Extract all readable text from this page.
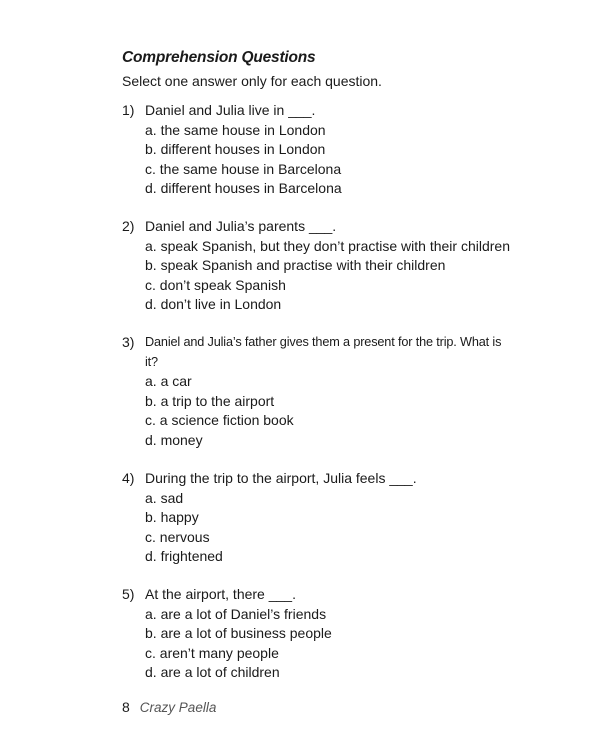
Comprehension Questions
Select one answer only for each question.
1) Daniel and Julia live in ___.
a. the same house in London
b. different houses in London
c. the same house in Barcelona
d. different houses in Barcelona
2) Daniel and Julia’s parents ___.
a. speak Spanish, but they don’t practise with their children
b. speak Spanish and practise with their children
c. don’t speak Spanish
d. don’t live in London
3) Daniel and Julia’s father gives them a present for the trip. What is it?
a. a car
b. a trip to the airport
c. a science fiction book
d. money
4) During the trip to the airport, Julia feels ___.
a. sad
b. happy
c. nervous
d. frightened
5) At the airport, there ___.
a. are a lot of Daniel’s friends
b. are a lot of business people
c. aren’t many people
d. are a lot of children
8 Crazy Paella
